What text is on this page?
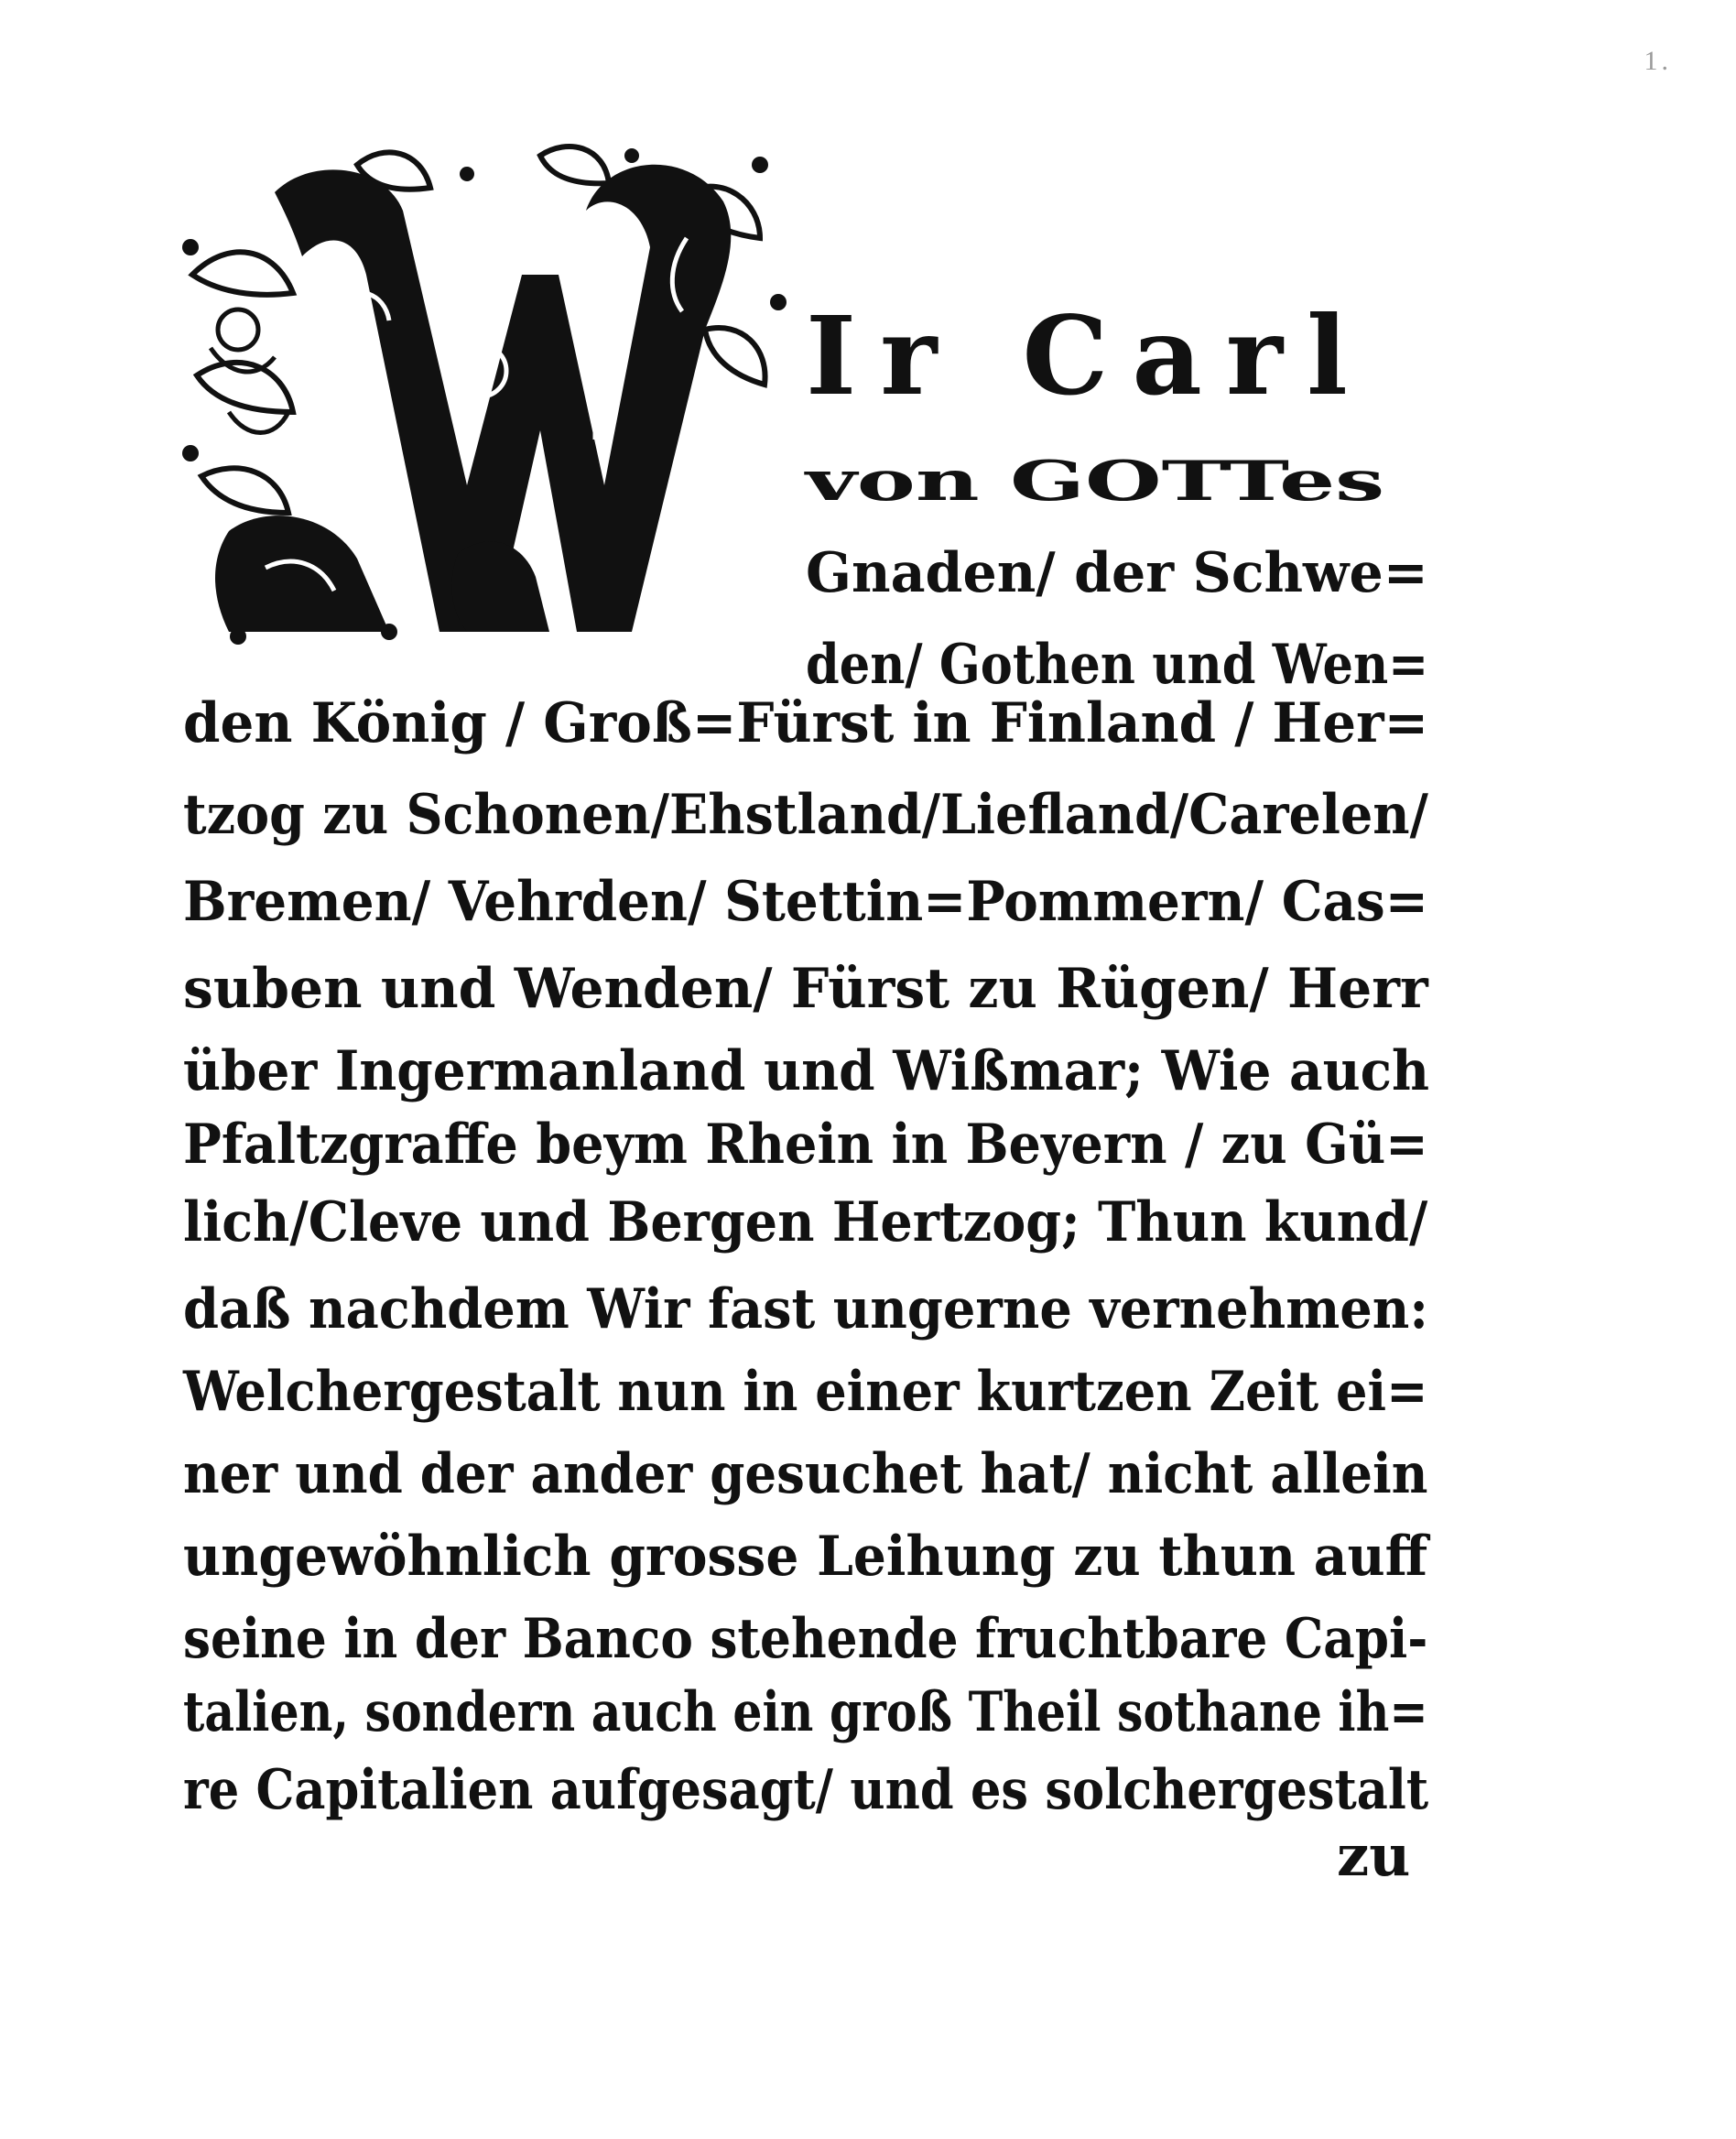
1.
Ir Carl
von GOTTes
Gnaden/ der Schwe=
den/ Gothen und Wen=
den König / Groß=Fürst in Finland / Her=
tzog zu Schonen/Ehstland/Liefland/Carelen/
Bremen/ Vehrden/ Stettin=Pommern/ Cas=
suben und Wenden/ Fürst zu Rügen/ Herr
über Ingermanland und Wißmar; Wie auch
Pfaltzgraffe beym Rhein in Beyern / zu Gü=
lich/Cleve und Bergen Hertzog; Thun kund/
daß nachdem Wir fast ungerne vernehmen:
Welchergestalt nun in einer kurtzen Zeit ei=
ner und der ander gesuchet hat/ nicht allein
ungewöhnlich grosse Leihung zu thun auff
seine in der Banco stehende fruchtbare Capi-
talien, sondern auch ein groß Theil sothane ih=
re Capitalien aufgesagt/ und es solchergestalt
zu
